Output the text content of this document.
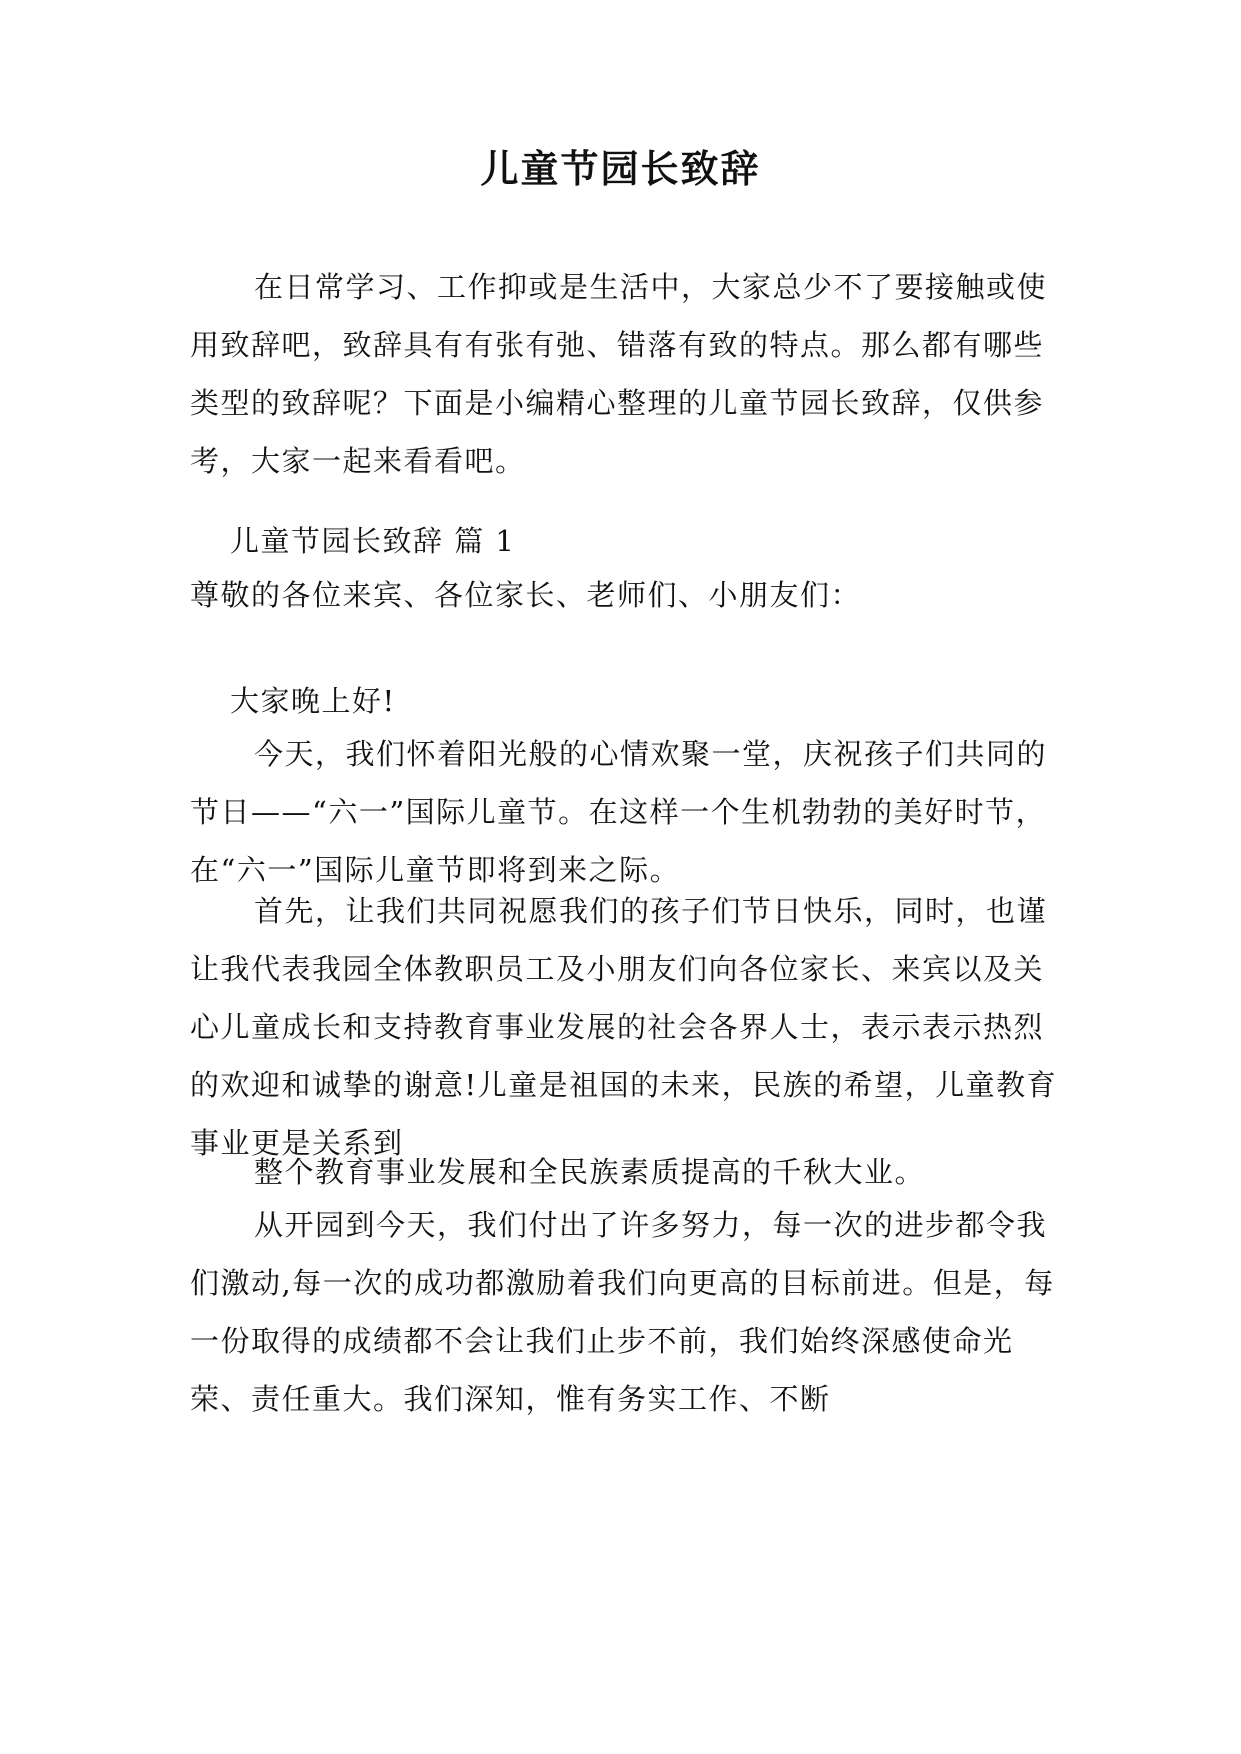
儿童节园长致辞

在日常学习、工作抑或是生活中，大家总少不了要接触或使用致辞吧，致辞具有有张有弛、错落有致的特点。那么都有哪些类型的致辞呢？下面是小编精心整理的儿童节园长致辞，仅供参考，大家一起来看看吧。

儿童节园长致辞 篇 1

尊敬的各位来宾、各位家长、老师们、小朋友们：

大家晚上好!

今天，我们怀着阳光般的心情欢聚一堂，庆祝孩子们共同的节日——“六一”国际儿童节。在这样一个生机勃勃的美好时节，在“六一”国际儿童节即将到来之际。

首先，让我们共同祝愿我们的孩子们节日快乐，同时，也谨让我代表我园全体教职员工及小朋友们向各位家长、来宾以及关心儿童成长和支持教育事业发展的社会各界人士，表示表示热烈的欢迎和诚挚的谢意!儿童是祖国的未来，民族的希望，儿童教育事业更是关系到

整个教育事业发展和全民族素质提高的千秋大业。

从开园到今天，我们付出了许多努力，每一次的进步都令我们激动,每一次的成功都激励着我们向更高的目标前进。但是，每一份取得的成绩都不会让我们止步不前，我们始终深感使命光荣、责任重大。我们深知，惟有务实工作、不断
